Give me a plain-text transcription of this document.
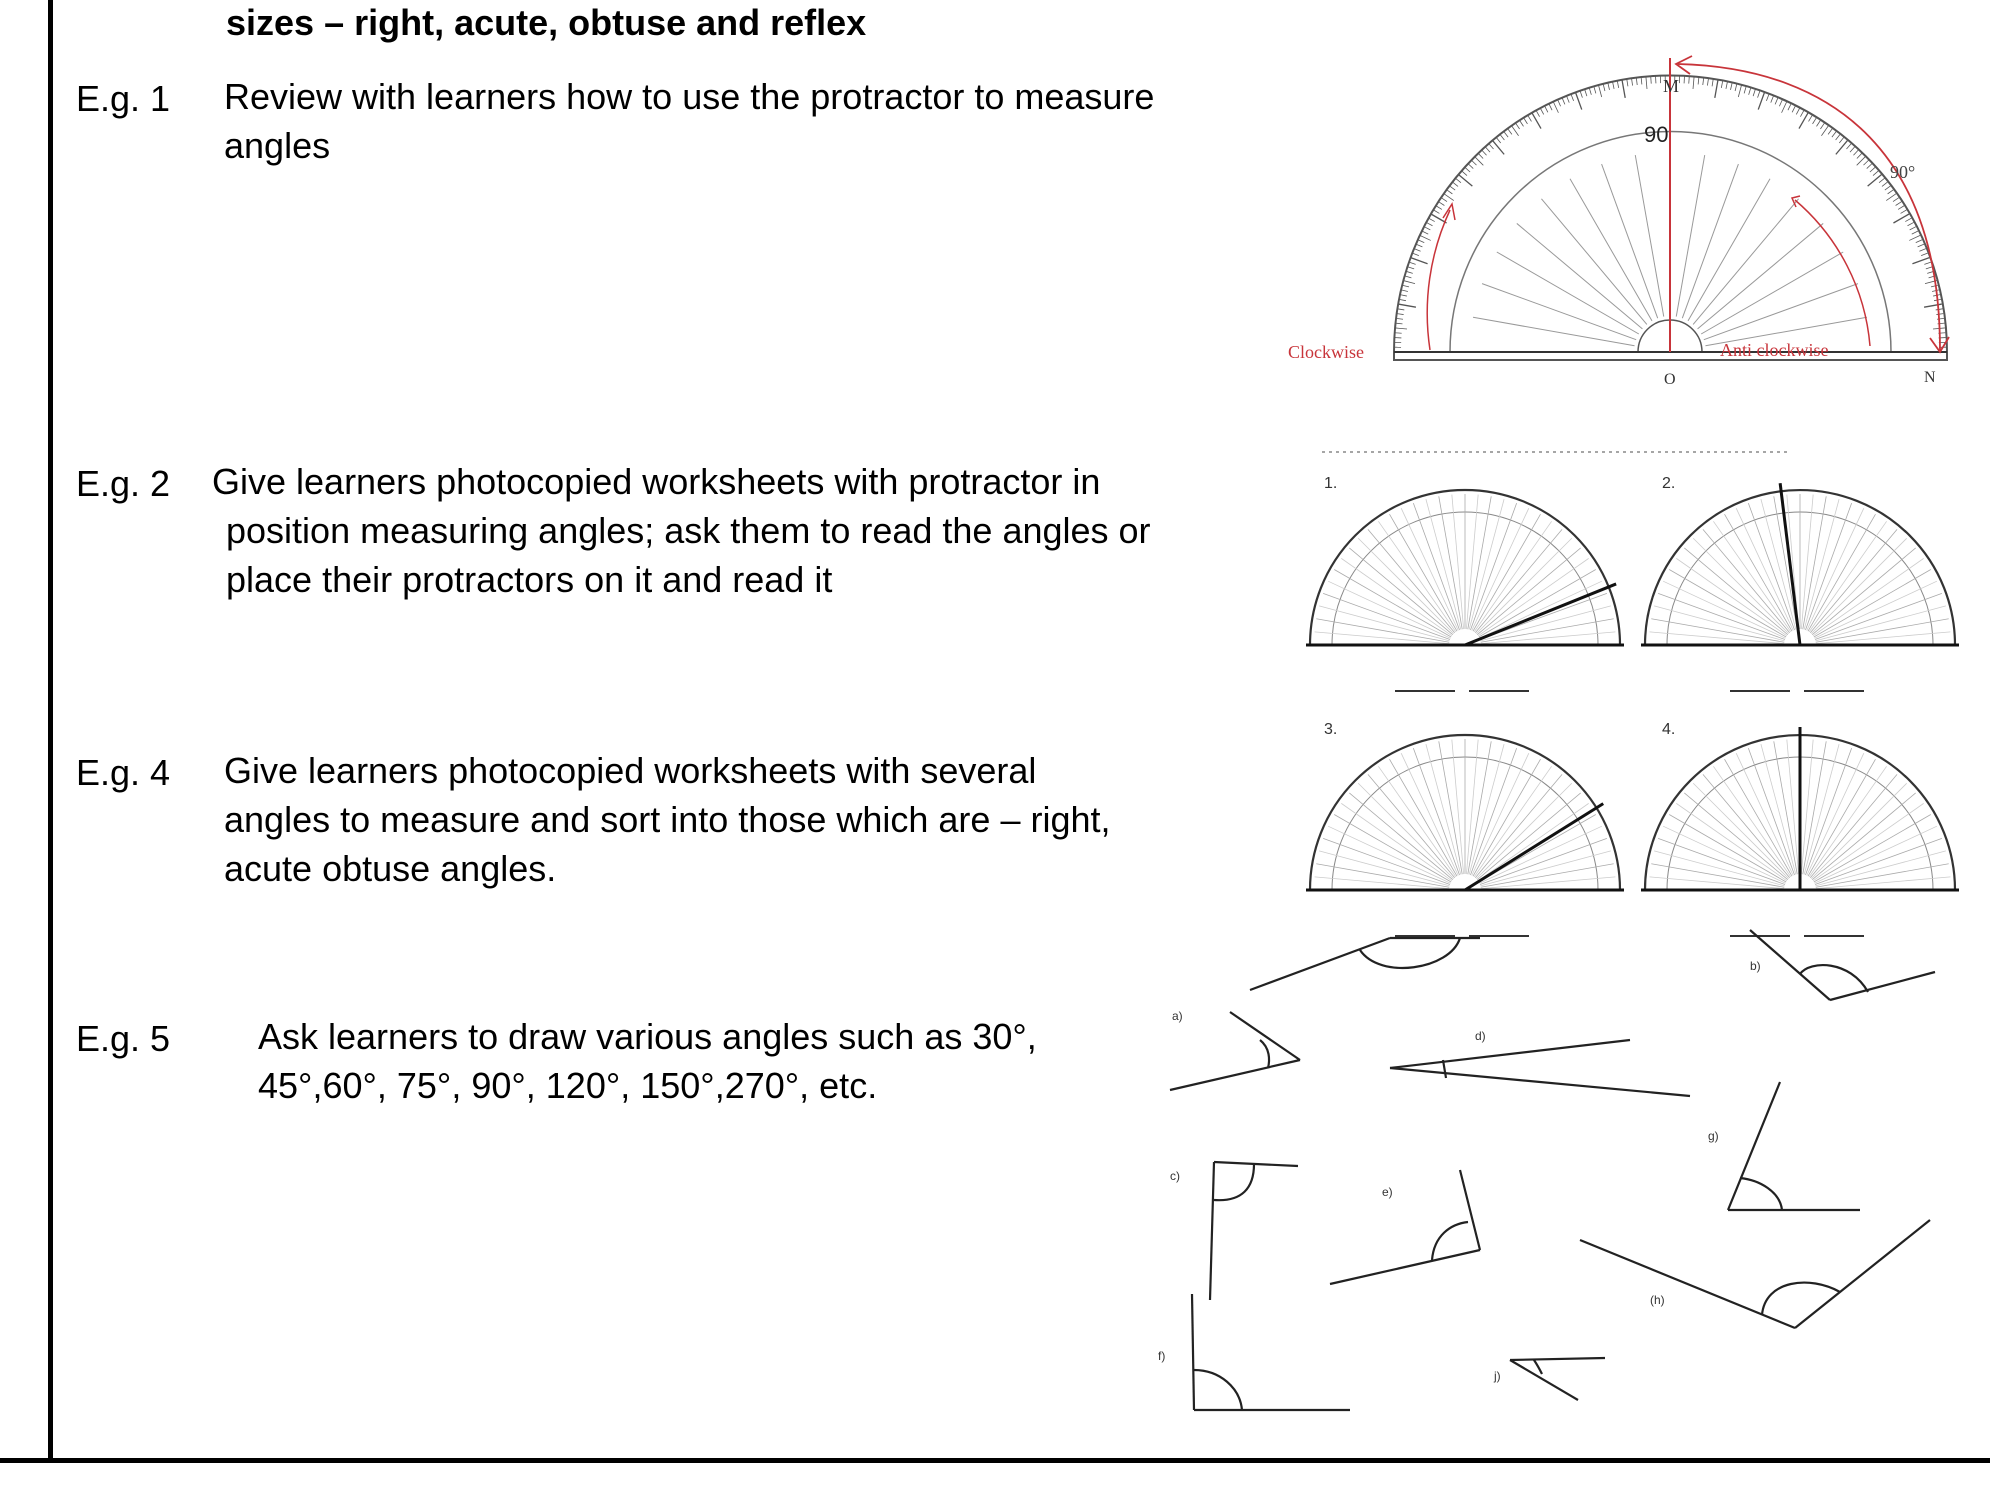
sizes – right, acute, obtuse and reflex
E.g. 1 Review with learners how to use the protractor to measure
angles
E.g. 2 Give learners photocopied worksheets with protractor in
position measuring angles; ask them to read the angles or
place their protractors on it and read it
E.g. 4 Give learners photocopied worksheets with several
angles to measure and sort into those which are – right,
acute obtuse angles.
E.g. 5 Ask learners to draw various angles such as 30°,
45°,60°, 75°, 90°, 120°, 150°,270°, etc.
M
90
90°
Clockwise	Anti clockwise
O	N
1.	2.
3.	4.
b)
a)
d)
g)
c)
e)
(h)
f)
j)
